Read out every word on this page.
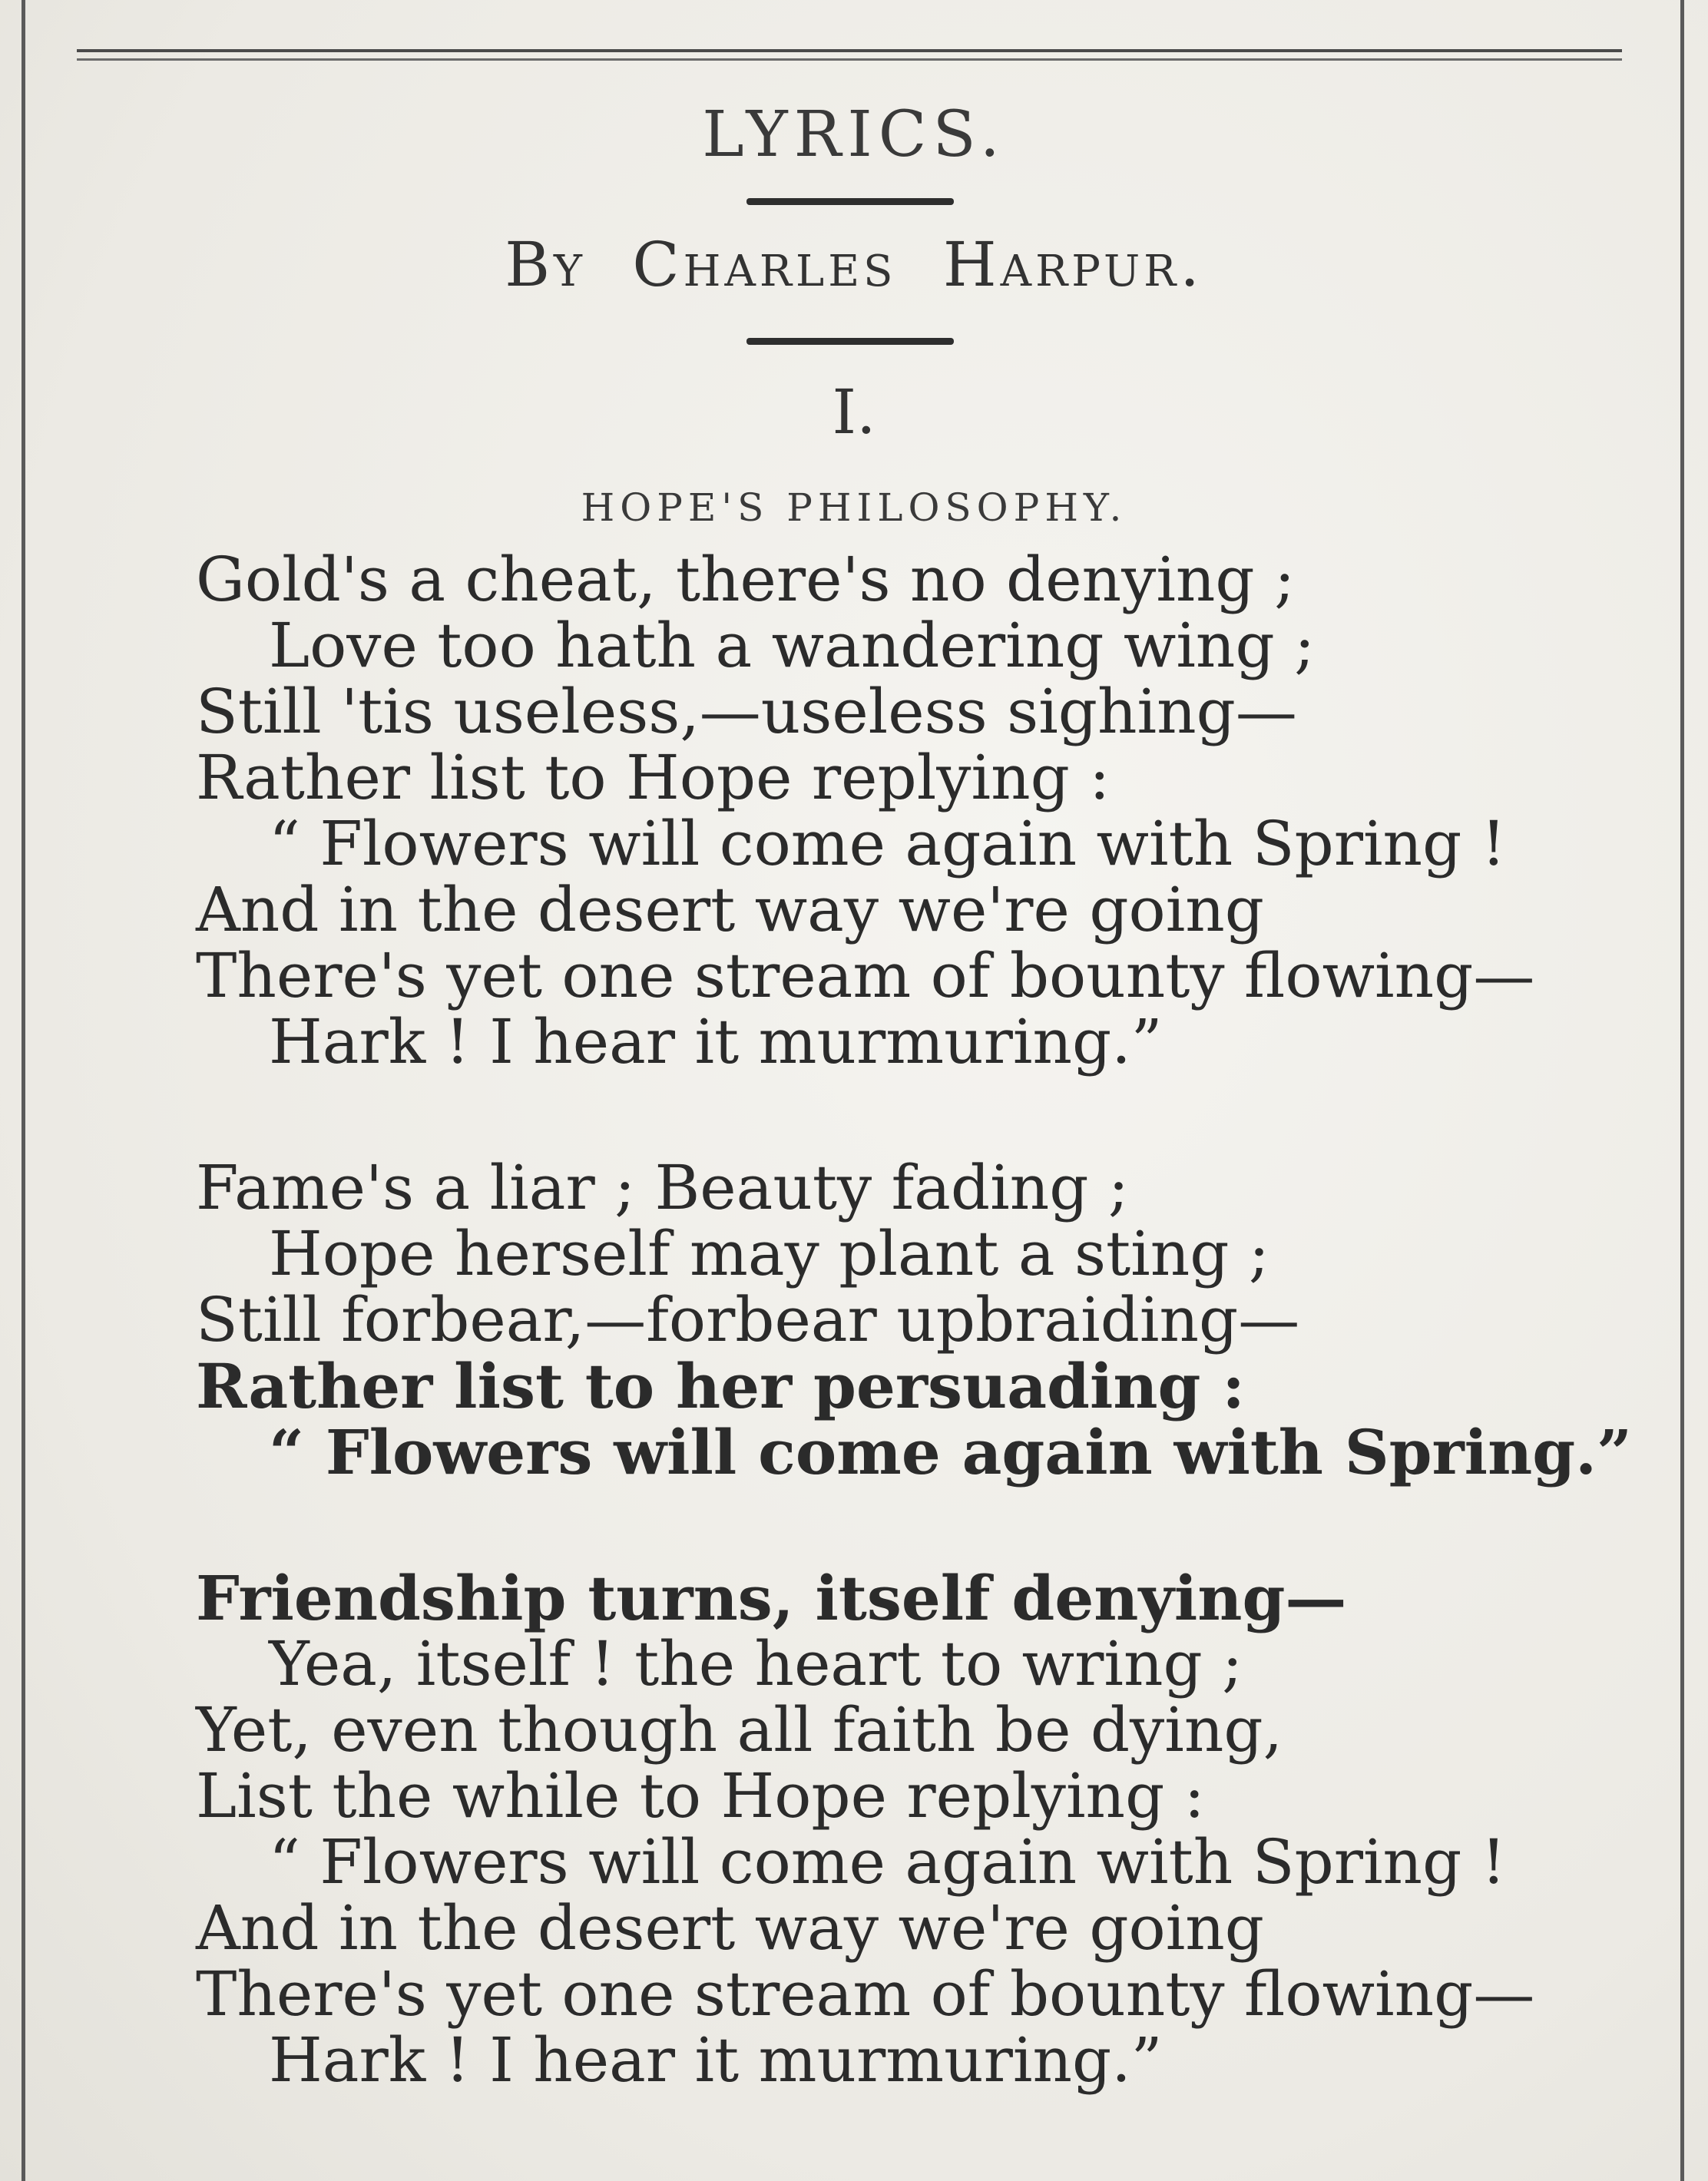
LYRICS.
By Charles Harpur.
I.
HOPE'S PHILOSOPHY.
Gold's a cheat, there's no denying ;
Love too hath a wandering wing ;
Still 'tis useless,—useless sighing—
Rather list to Hope replying :
“ Flowers will come again with Spring !
And in the desert way we're going
There's yet one stream of bounty flowing—
Hark ! I hear it murmuring.”
Fame's a liar ; Beauty fading ;
Hope herself may plant a sting ;
Still forbear,—forbear upbraiding—
Rather list to her persuading :
“ Flowers will come again with Spring.”
Friendship turns, itself denying—
Yea, itself ! the heart to wring ;
Yet, even though all faith be dying,
List the while to Hope replying :
“ Flowers will come again with Spring !
And in the desert way we're going
There's yet one stream of bounty flowing—
Hark ! I hear it murmuring.”
